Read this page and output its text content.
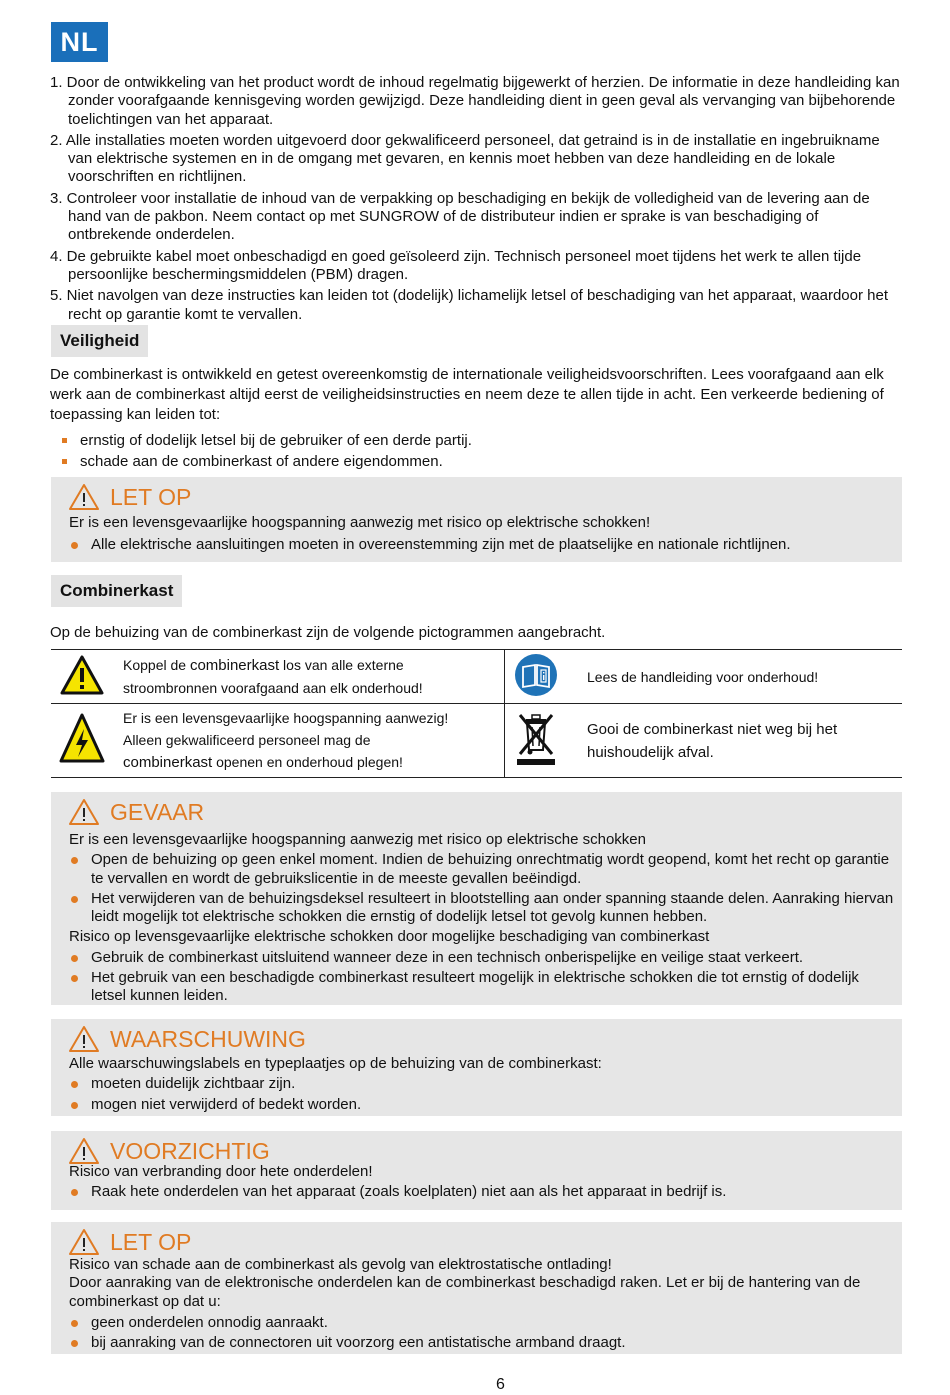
NL
1. Door de ontwikkeling van het product wordt de inhoud regelmatig bijgewerkt of herzien. De informatie in deze handleiding kan zonder voorafgaande kennisgeving worden gewijzigd. Deze handleiding dient in geen geval als vervanging van bijbehorende toelichtingen van het apparaat.
2. Alle installaties moeten worden uitgevoerd door gekwalificeerd personeel, dat getraind is in de installatie en ingebruikname van elektrische systemen en in de omgang met gevaren, en kennis moet hebben van deze handleiding en de lokale voorschriften en richtlijnen.
3. Controleer voor installatie de inhoud van de verpakking op beschadiging en bekijk de volledigheid van de levering aan de hand van de pakbon. Neem contact op met SUNGROW of de distributeur indien er sprake is van beschadiging of ontbrekende onderdelen.
4. De gebruikte kabel moet onbeschadigd en goed geïsoleerd zijn. Technisch personeel moet tijdens het werk te allen tijde persoonlijke beschermingsmiddelen (PBM) dragen.
5. Niet navolgen van deze instructies kan leiden tot (dodelijk) lichamelijk letsel of beschadiging van het apparaat, waardoor het recht op garantie komt te vervallen.
Veiligheid

De combinerkast is ontwikkeld en getest overeenkomstig de internationale veiligheidsvoorschriften. Lees voorafgaand aan elk werk aan de combinerkast altijd eerst de veiligheidsinstructies en neem deze te allen tijde in acht. Een verkeerde bediening of toepassing kan leiden tot:

ernstig of dodelijk letsel bij de gebruiker of een derde partij.
schade aan de combinerkast of andere eigendommen.
LET OP

Er is een levensgevaarlijke hoogspanning aanwezig met risico op elektrische schokken!

Alle elektrische aansluitingen moeten in overeenstemming zijn met de plaatselijke en nationale richtlijnen.
Combinerkast

Op de behuizing van de combinerkast zijn de volgende pictogrammen aangebracht.

	Koppel de combinerkast los van alle externe
stroombronnen voorafgaand aan elk onderhoud!		Lees de handleiding voor onderhoud!
	Er is een levensgevaarlijke hoogspanning aanwezig!
Alleen gekwalificeerd personeel mag de
combinerkast openen en onderhoud plegen!		Gooi de combinerkast niet weg bij het
huishoudelijk afval.
GEVAAR

Er is een levensgevaarlijke hoogspanning aanwezig met risico op elektrische schokken

Open de behuizing op geen enkel moment. Indien de behuizing onrechtmatig wordt geopend, komt het recht op garantie te vervallen en wordt de gebruikslicentie in de meeste gevallen beëindigd.
Het verwijderen van de behuizingsdeksel resulteert in blootstelling aan onder spanning staande delen. Aanraking hiervan leidt mogelijk tot elektrische schokken die ernstig of dodelijk letsel tot gevolg kunnen hebben.

Risico op levensgevaarlijke elektrische schokken door mogelijke beschadiging van combinerkast

Gebruik de combinerkast uitsluitend wanneer deze in een technisch onberispelijke en veilige staat verkeert.
Het gebruik van een beschadigde combinerkast resulteert mogelijk in elektrische schokken die tot ernstig of dodelijk letsel kunnen leiden.
WAARSCHUWING

Alle waarschuwingslabels en typeplaatjes op de behuizing van de combinerkast:

moeten duidelijk zichtbaar zijn.
mogen niet verwijderd of bedekt worden.
VOORZICHTIG

Risico van verbranding door hete onderdelen!

Raak hete onderdelen van het apparaat (zoals koelplaten) niet aan als het apparaat in bedrijf is.
LET OP

Risico van schade aan de combinerkast als gevolg van elektrostatische ontlading!

Door aanraking van de elektronische onderdelen kan de combinerkast beschadigd raken. Let er bij de hantering van de combinerkast op dat u:

geen onderdelen onnodig aanraakt.
bij aanraking van de connectoren uit voorzorg een antistatische armband draagt.
6
